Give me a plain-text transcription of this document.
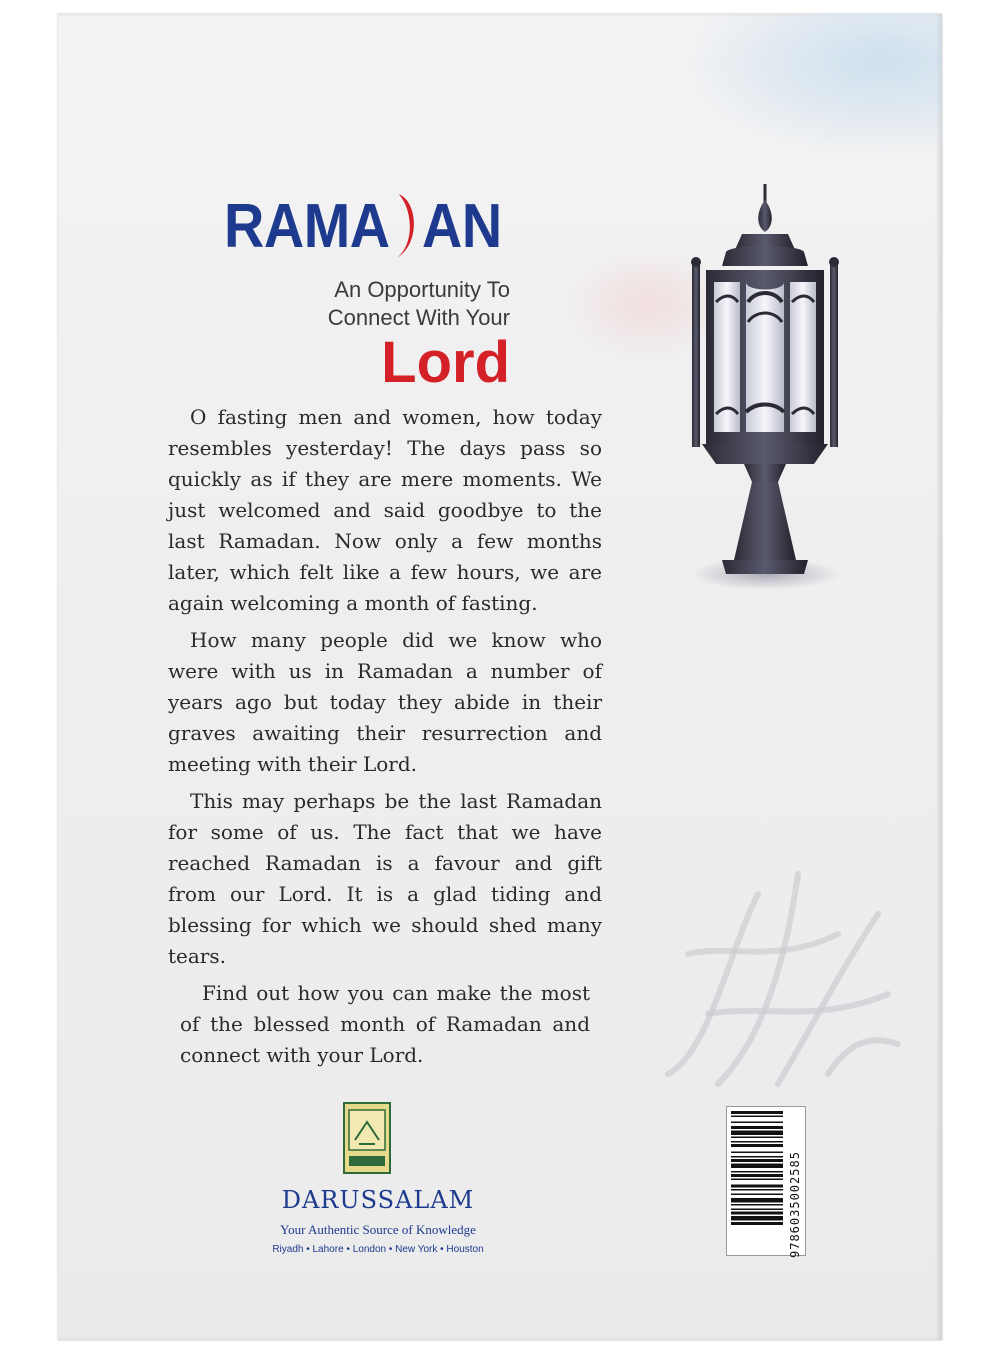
RAMA AN
An Opportunity To
Connect With Your
Lord

O fasting men and women, how today resembles yesterday! The days pass so quickly as if they are mere moments. We just welcomed and said goodbye to the last Ramadan. Now only a few months later, which felt like a few hours, we are again welcoming a month of fasting.

How many people did we know who were with us in Ramadan a number of years ago but today they abide in their graves awaiting their resurrection and meeting with their Lord.

This may perhaps be the last Ramadan for some of us. The fact that we have reached Ramadan is a favour and gift from our Lord. It is a glad tiding and blessing for which we should shed many tears.

Find out how you can make the most of the blessed month of Ramadan and connect with your Lord.

DARUSSALAM
Your Authentic Source of Knowledge
Riyadh • Lahore • London • New York • Houston	9786035002585
